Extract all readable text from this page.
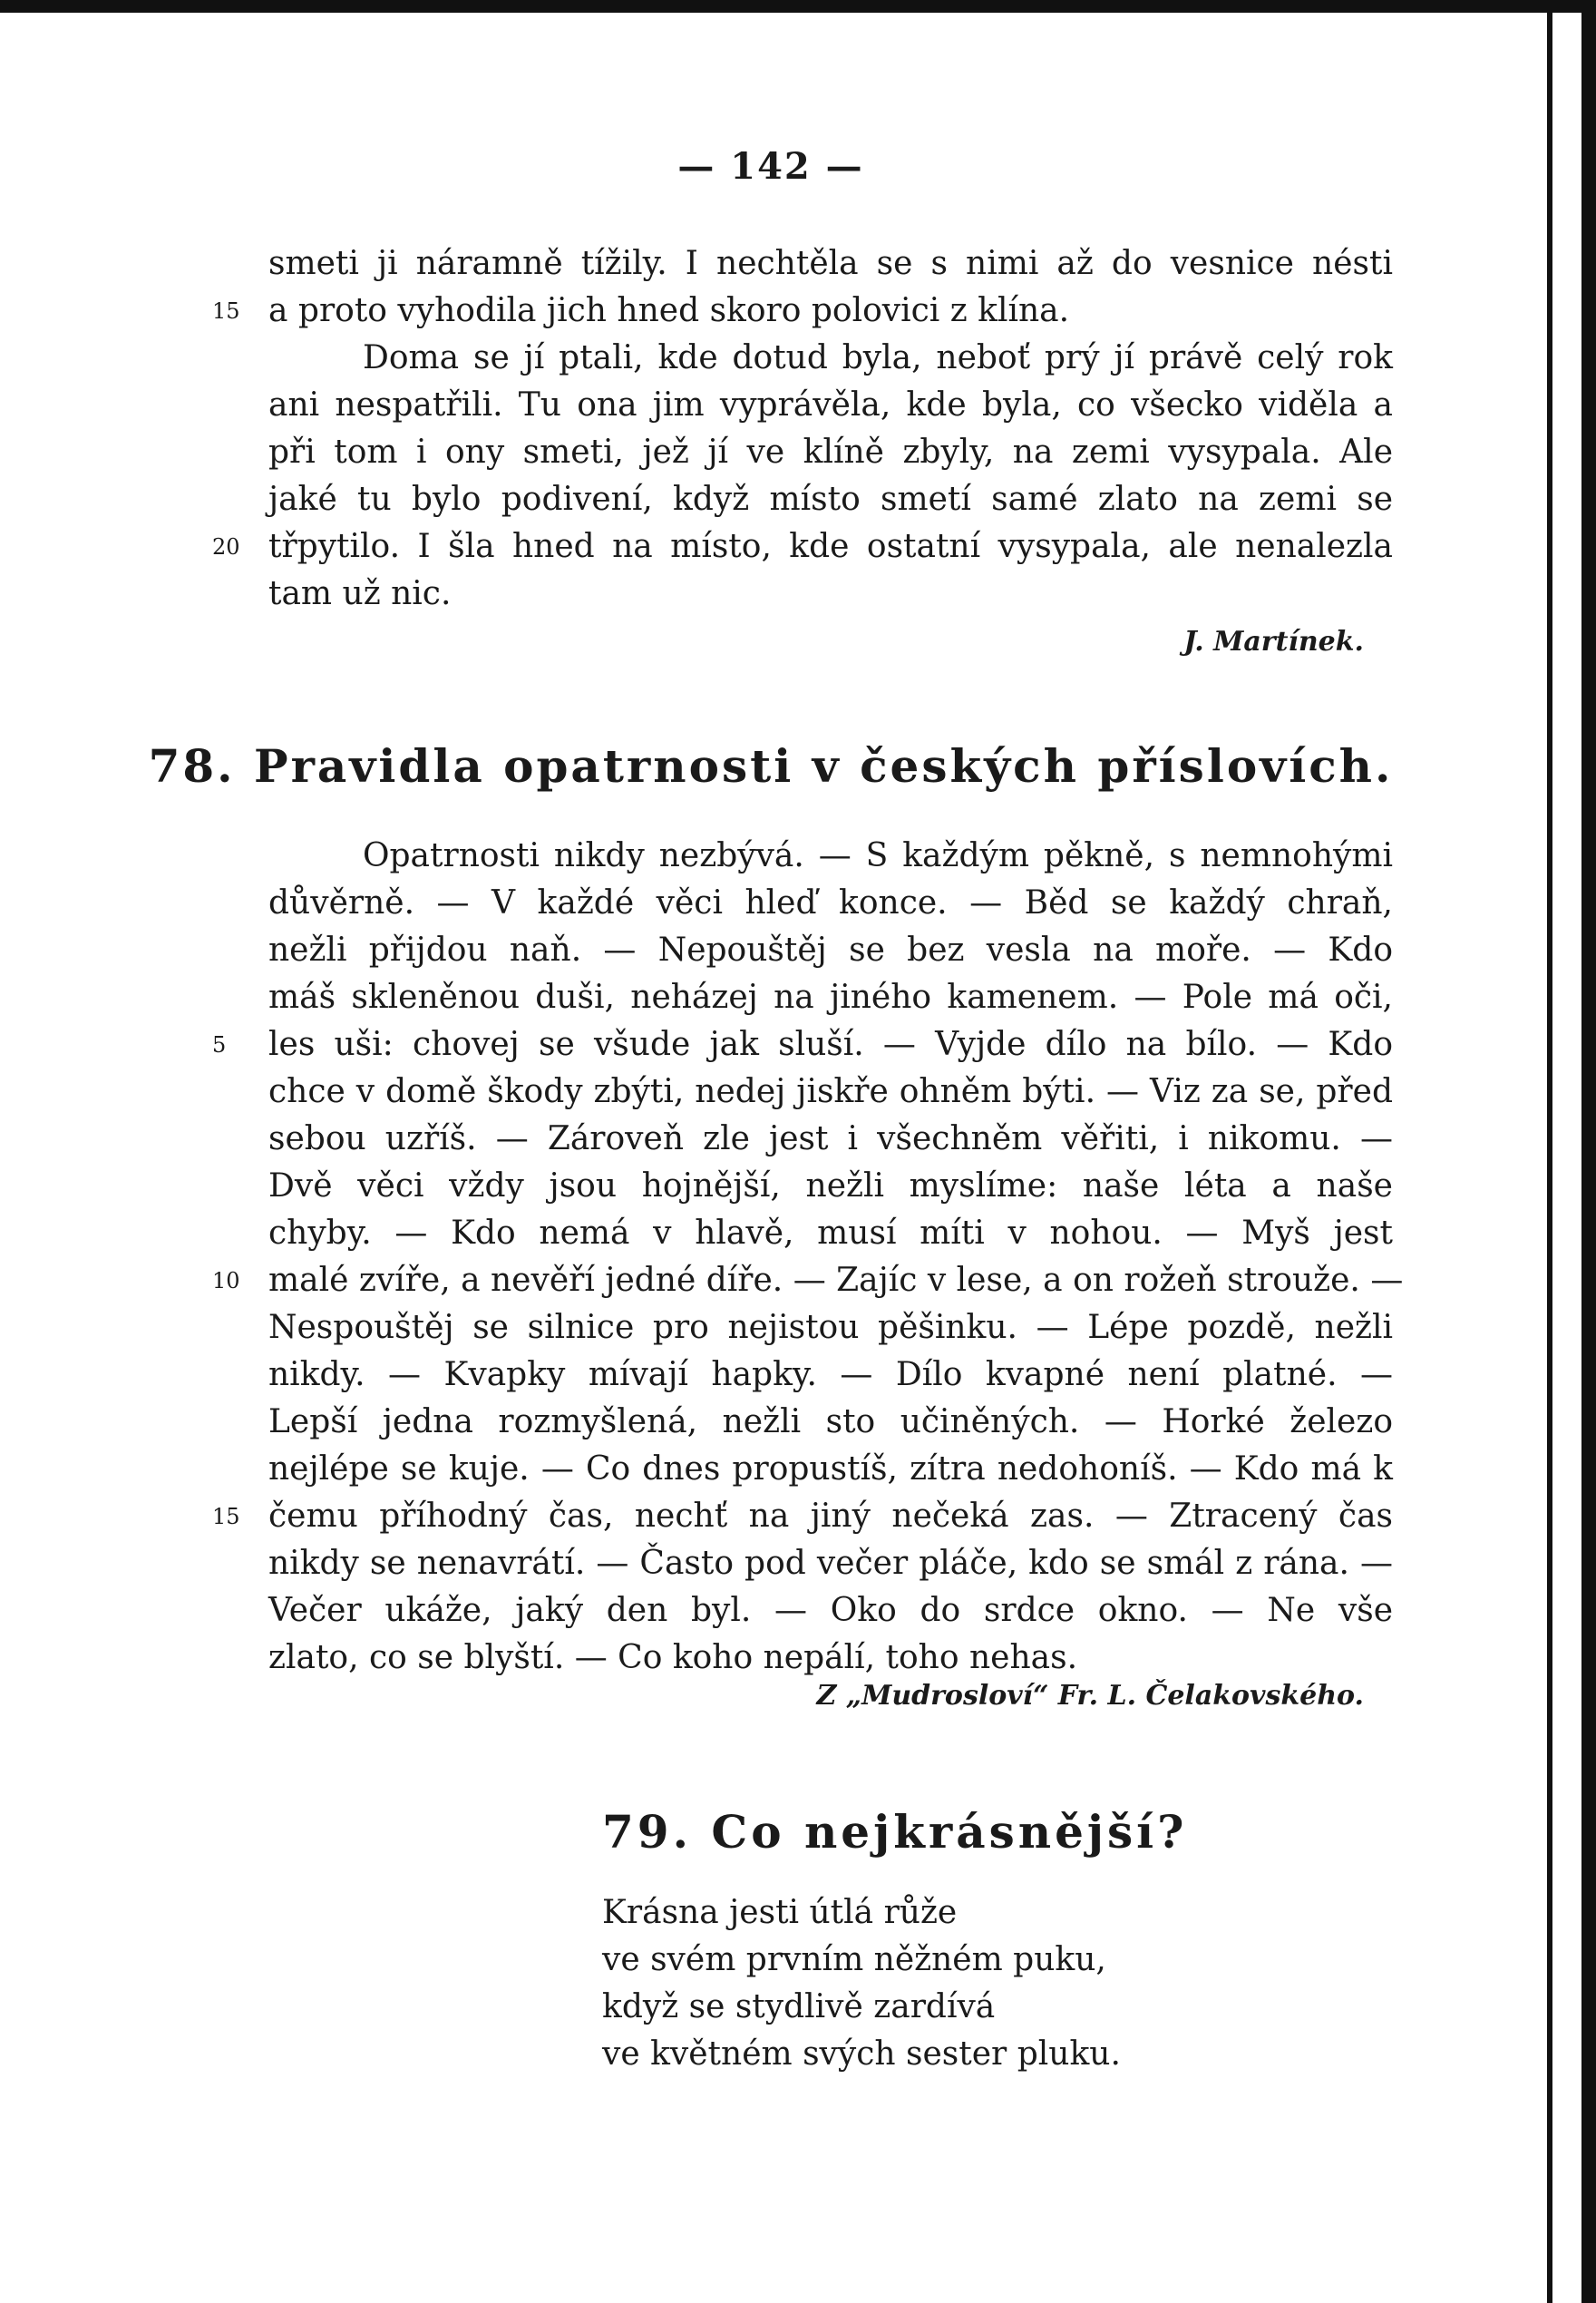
— 142 —
smeti ji náramně tížily. I nechtěla se s nimi až do vesnice nésti
a proto vyhodila jich hned skoro polovici z klína.
15
Doma se jí ptali, kde dotud byla, neboť prý jí právě celý rok
ani nespatřili. Tu ona jim vyprávěla, kde byla, co všecko viděla a
při tom i ony smeti, jež jí ve klíně zbyly, na zemi vysypala. Ale
jaké tu bylo podivení, když místo smetí samé zlato na zemi se
třpytilo. I šla hned na místo, kde ostatní vysypala, ale nenalezla
20
tam už nic.
J. Martínek.
78. Pravidla opatrnosti v českých příslovích.
Opatrnosti nikdy nezbývá. — S každým pěkně, s nemnohými
důvěrně. — V každé věci hleď konce. — Běd se každý chraň,
nežli přijdou naň. — Nepouštěj se bez vesla na moře. — Kdo
máš skleněnou duši, neházej na jiného kamenem. — Pole má oči,
les uši: chovej se všude jak sluší. — Vyjde dílo na bílo. — Kdo
5
chce v domě škody zbýti, nedej jiskře ohněm býti. — Viz za se, před
sebou uzříš. — Zároveň zle jest i všechněm věřiti, i nikomu. —
Dvě věci vždy jsou hojnější, nežli myslíme: naše léta a naše
chyby. — Kdo nemá v hlavě, musí míti v nohou. — Myš jest
malé zvíře, a nevěří jedné díře. — Zajíc v lese, a on rožeň strouže. —
10
Nespouštěj se silnice pro nejistou pěšinku. — Lépe pozdě, nežli
nikdy. — Kvapky mívají hapky. — Dílo kvapné není platné. —
Lepší jedna rozmyšlená, nežli sto učiněných. — Horké železo
nejlépe se kuje. — Co dnes propustíš, zítra nedohoníš. — Kdo má k
čemu příhodný čas, nechť na jiný nečeká zas. — Ztracený čas
15
nikdy se nenavrátí. — Často pod večer pláče, kdo se smál z rána. —
Večer ukáže, jaký den byl. — Oko do srdce okno. — Ne vše
zlato, co se blyští. — Co koho nepálí, toho nehas.
Z „Mudrosloví“ Fr. L. Čelakovského.
79. Co nejkrásnější?
Krásna jesti útlá růže
ve svém prvním něžném puku,
když se stydlivě zardívá
ve květném svých sester pluku.
